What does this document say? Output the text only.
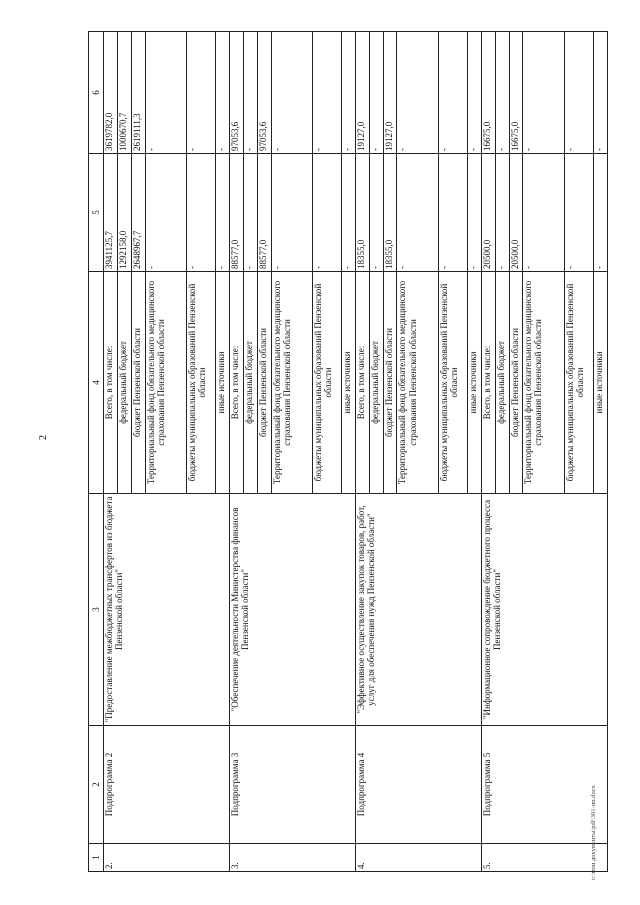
2
1	2	3	4	5	6
2.	Подпрограмма 2	"Предоставление межбюджетных трансфертов из бюджета Пензенской области"	Всего, в том числе:	3941125,7	3619782,0
			федеральный бюджет	1292158,0	1000670,7
			бюджет Пензенской области	2648967,7	2619111,3
			Территориальный фонд обязательного медицинского страхования Пензенской области	-	-
			бюджеты муниципальных образований Пензенской области	-	-
			иные источники	-	-
3.	Подпрограмма 3	"Обеспечение деятельности Министерства финансов Пензенской области"	Всего, в том числе:	88577,0	97053,6
			федеральный бюджет	-	-
			бюджет Пензенской области	88577,0	97053,6
			Территориальный фонд обязательного медицинского страхования Пензенской области	-	-
			бюджеты муниципальных образований Пензенской области	-	-
			иные источники	-	-
4.	Подпрограмма 4	"Эффективное осуществление закупок товаров, работ, услуг для обеспечения нужд Пензенской области"	Всего, в том числе:	18355,0	19127,0
			федеральный бюджет	-	-
			бюджет Пензенской области	18355,0	19127,0
			Территориальный фонд обязательного медицинского страхования Пензенской области	-	-
			бюджеты муниципальных образований Пензенской области	-	-
			иные источники	-	-
5.	Подпрограмма 5	"Информационное сопровождение бюджетного процесса Пензенской области"	Всего, в том числе:	20500,0	16675,0
			федеральный бюджет	-	-
			бюджет Пензенской области	20500,0	16675,0
			Территориальный фонд обязательного медицинского страхования Пензенской области	-	-
			бюджеты муниципальных образований Пензенской области	-	-
			иные источники	-	-
c:\мои документы\pdf\301-пп.docx
